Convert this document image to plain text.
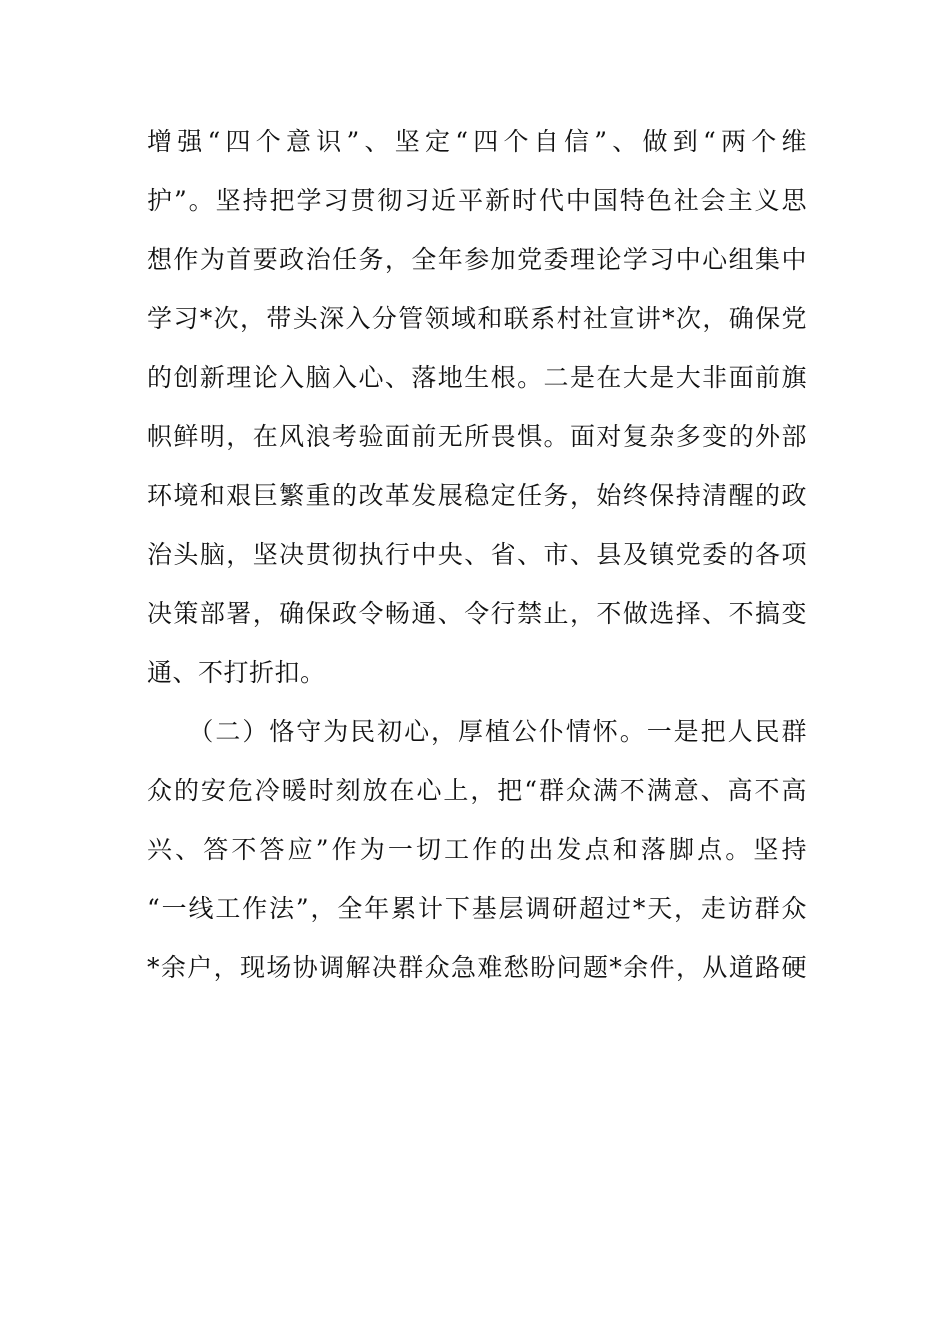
增强“四个意识”、坚定“四个自信”、做到“两个维
护”。坚持把学习贯彻习近平新时代中国特色社会主义思
想作为首要政治任务，全年参加党委理论学习中心组集中
学习*次，带头深入分管领域和联系村社宣讲*次，确保党
的创新理论入脑入心、落地生根。二是在大是大非面前旗
帜鲜明，在风浪考验面前无所畏惧。面对复杂多变的外部
环境和艰巨繁重的改革发展稳定任务，始终保持清醒的政
治头脑，坚决贯彻执行中央、省、市、县及镇党委的各项
决策部署，确保政令畅通、令行禁止，不做选择、不搞变
通、不打折扣。
　　（二）恪守为民初心，厚植公仆情怀。一是把人民群
众的安危冷暖时刻放在心上，把“群众满不满意、高不高
兴、答不答应”作为一切工作的出发点和落脚点。坚持
“一线工作法”，全年累计下基层调研超过*天，走访群众
*余户，现场协调解决群众急难愁盼问题*余件，从道路硬
